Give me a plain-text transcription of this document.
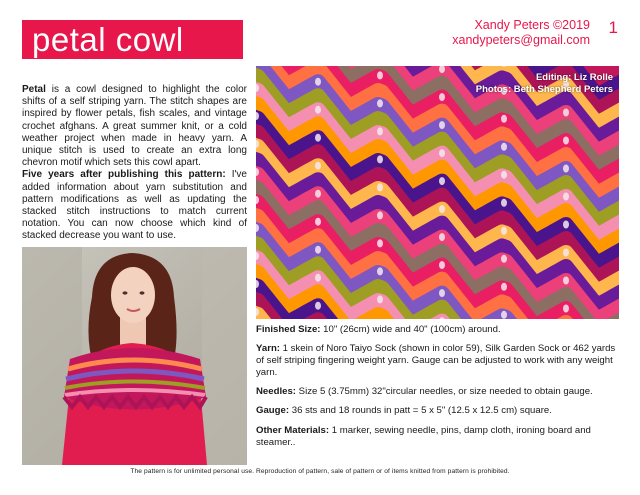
petal cowl	Xandy Peters ©2019
xandypeters@gmail.com
1

Petal is a cowl designed to highlight the color shifts of a self striping yarn. The stitch shapes are inspired by flower petals, fish scales, and vintage crochet afghans. A great summer knit, or a cold weather project when made in heavy yarn. A unique stitch is used to create an extra long chevron motif which sets this cowl apart.

Five years after publishing this pattern: I've added information about yarn substitution and pattern modifications as well as updating the stacked stitch instructions to match current notation. You can now choose which kind of stacked decrease you want to use.

Editing: Liz Rolle
Photos: Beth Shepherd Peters

Finished Size: 10" (26cm) wide and 40" (100cm) around.

Yarn: 1 skein of Noro Taiyo Sock (shown in color 59), Silk Garden Sock or 462 yards of self striping fingering weight yarn. Gauge can be adjusted to work with any weight yarn.

Needles: Size 5 (3.75mm) 32"circular needles, or size needed to obtain gauge.

Gauge: 36 sts and 18 rounds in patt = 5 x 5" (12.5 x 12.5 cm) square.

Other Materials: 1 marker, sewing needle, pins, damp cloth, ironing board and steamer..

The pattern is for unlimited personal use. Reproduction of pattern, sale of pattern or of items knitted from pattern is prohibited.
